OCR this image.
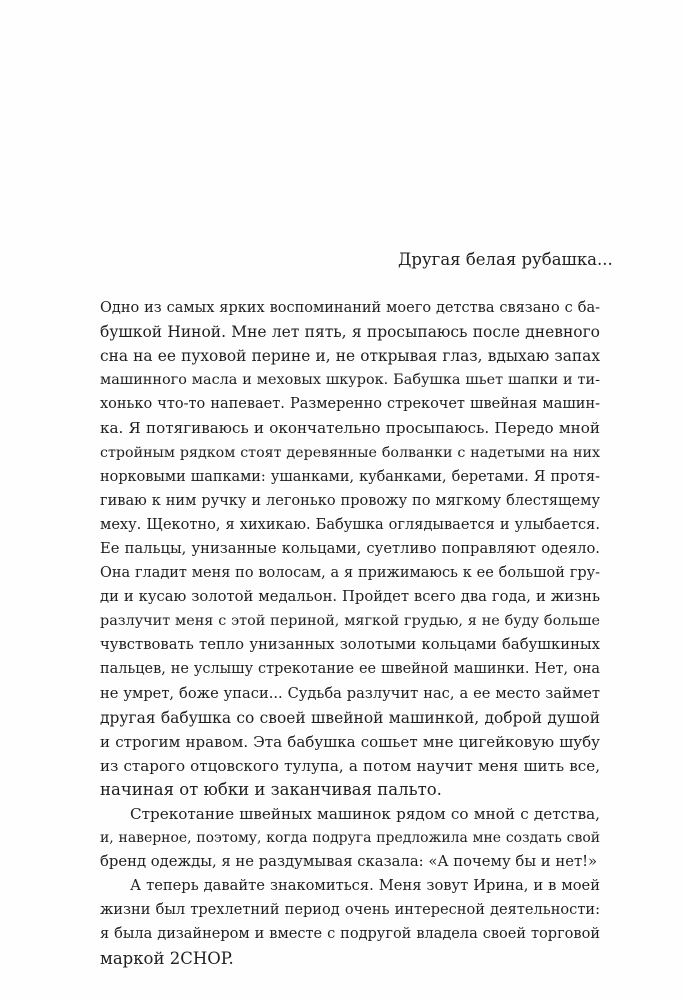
Другая белая рубашка...
Одно из самых ярких воспоминаний моего детства связано с ба-
бушкой Ниной. Мне лет пять, я просыпаюсь после дневного
сна на ее пуховой перине и, не открывая глаз, вдыхаю запах
машинного масла и меховых шкурок. Бабушка шьет шапки и ти-
хонько что-то напевает. Размеренно стрекочет швейная машин-
ка. Я потягиваюсь и окончательно просыпаюсь. Передо мной
стройным рядком стоят деревянные болванки с надетыми на них
норковыми шапками: ушанками, кубанками, беретами. Я протя-
гиваю к ним ручку и легонько провожу по мягкому блестящему
меху. Щекотно, я хихикаю. Бабушка оглядывается и улыбается.
Ее пальцы, унизанные кольцами, суетливо поправляют одеяло.
Она гладит меня по волосам, а я прижимаюсь к ее большой гру-
ди и кусаю золотой медальон. Пройдет всего два года, и жизнь
разлучит меня с этой периной, мягкой грудью, я не буду больше
чувствовать тепло унизанных золотыми кольцами бабушкиных
пальцев, не услышу стрекотание ее швейной машинки. Нет, она
не умрет, боже упаси... Судьба разлучит нас, а ее место займет
другая бабушка со своей швейной машинкой, доброй душой
и строгим нравом. Эта бабушка сошьет мне цигейковую шубу
из старого отцовского тулупа, а потом научит меня шить все,
начиная от юбки и заканчивая пальто.
Стрекотание швейных машинок рядом со мной с детства,
и, наверное, поэтому, когда подруга предложила мне создать свой
бренд одежды, я не раздумывая сказала: «А почему бы и нет!»
А теперь давайте знакомиться. Меня зовут Ирина, и в моей
жизни был трехлетний период очень интересной деятельности:
я была дизайнером и вместе с подругой владела своей торговой
маркой 2CHOP.
